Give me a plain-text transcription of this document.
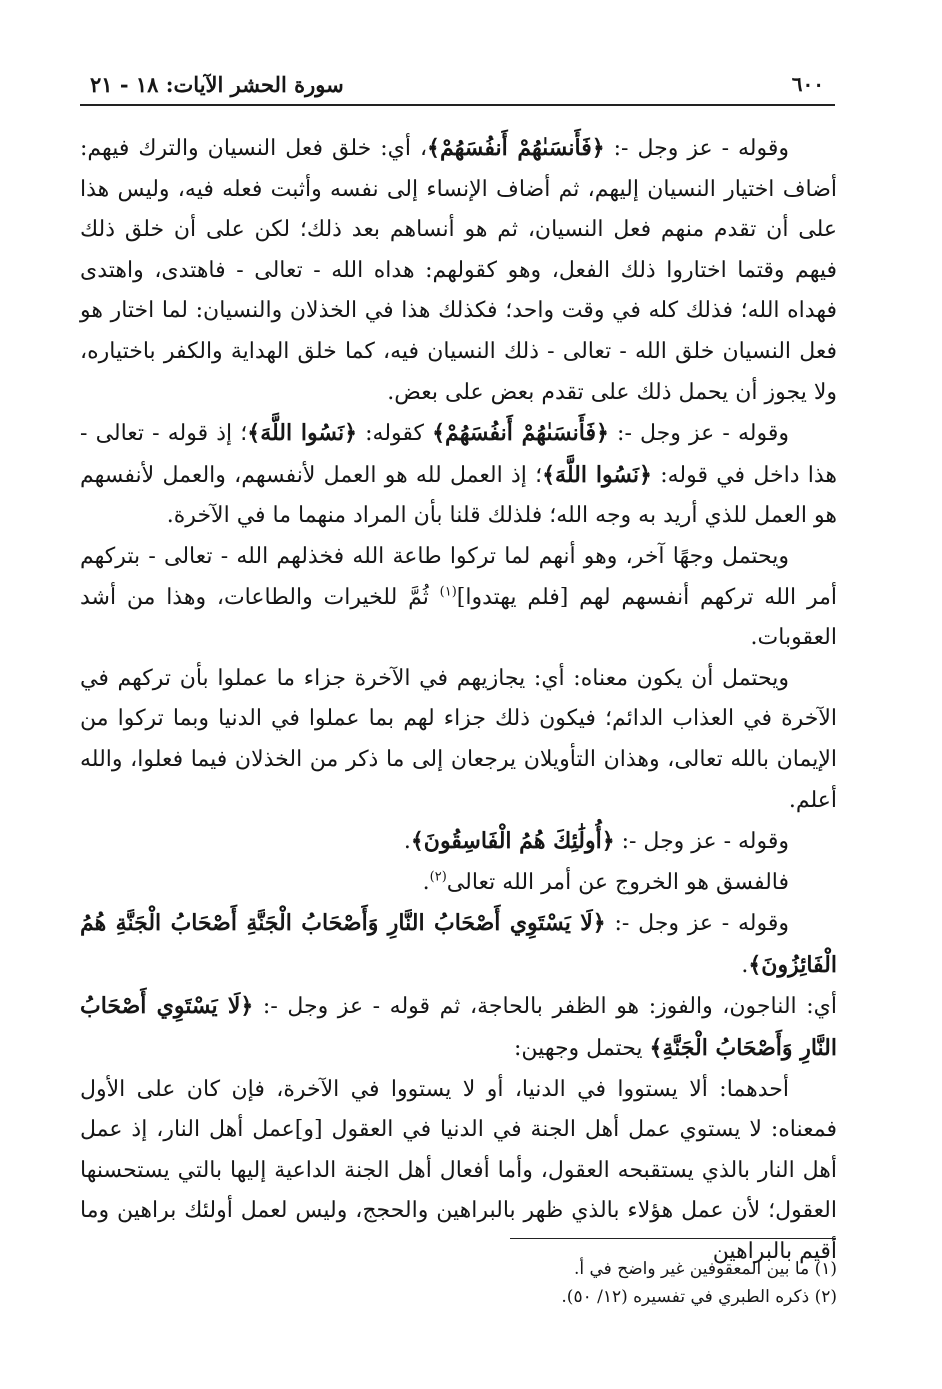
٦٠٠
سورة الحشر الآيات: ١٨ - ٢١

وقوله - عز وجل -: ﴿فَأَنسَىٰهُمْ أَنفُسَهُمْ﴾، أي: خلق فعل النسيان والترك فيهم: أضاف اختيار النسيان إليهم، ثم أضاف الإنساء إلى نفسه وأثبت فعله فيه، وليس هذا على أن تقدم منهم فعل النسيان، ثم هو أنساهم بعد ذلك؛ لكن على أن خلق ذلك فيهم وقتما اختاروا ذلك الفعل، وهو كقولهم: هداه الله - تعالى - فاهتدى، واهتدى فهداه الله؛ فذلك كله في وقت واحد؛ فكذلك هذا في الخذلان والنسيان: لما اختار هو فعل النسيان خلق الله - تعالى - ذلك النسيان فيه، كما خلق الهداية والكفر باختياره، ولا يجوز أن يحمل ذلك على تقدم بعض على بعض.

وقوله - عز وجل -: ﴿فَأَنسَىٰهُمْ أَنفُسَهُمْ﴾ كقوله: ﴿نَسُوا اللَّهَ﴾؛ إذ قوله - تعالى - هذا داخل في قوله: ﴿نَسُوا اللَّهَ﴾؛ إذ العمل لله هو العمل لأنفسهم، والعمل لأنفسهم هو العمل للذي أريد به وجه الله؛ فلذلك قلنا بأن المراد منهما ما في الآخرة.

ويحتمل وجهًا آخر، وهو أنهم لما تركوا طاعة الله فخذلهم الله - تعالى - بتركهم أمر الله تركهم أنفسهم لهم [فلم يهتدوا]$^{(١)}$ ثُمَّ للخيرات والطاعات، وهذا من أشد العقوبات.

ويحتمل أن يكون معناه: أي: يجازيهم في الآخرة جزاء ما عملوا بأن تركهم في الآخرة في العذاب الدائم؛ فيكون ذلك جزاء لهم بما عملوا في الدنيا وبما تركوا من الإيمان بالله تعالى، وهذان التأويلان يرجعان إلى ما ذكر من الخذلان فيما فعلوا، والله أعلم.

وقوله - عز وجل -: ﴿أُولَٰئِكَ هُمُ الْفَاسِقُونَ﴾.

فالفسق هو الخروج عن أمر الله تعالى$^{(٢)}$.

وقوله - عز وجل -: ﴿لَا يَسْتَوِي أَصْحَابُ النَّارِ وَأَصْحَابُ الْجَنَّةِ أَصْحَابُ الْجَنَّةِ هُمُ الْفَائِزُونَ﴾.

أي: الناجون، والفوز: هو الظفر بالحاجة، ثم قوله - عز وجل -: ﴿لَا يَسْتَوِي أَصْحَابُ النَّارِ وَأَصْحَابُ الْجَنَّةِ﴾ يحتمل وجهين:

أحدهما: ألا يستووا في الدنيا، أو لا يستووا في الآخرة، فإن كان على الأول فمعناه: لا يستوي عمل أهل الجنة في الدنيا في العقول [و]عمل أهل النار، إذ عمل أهل النار بالذي يستقبحه العقول، وأما أفعال أهل الجنة الداعية إليها بالتي يستحسنها العقول؛ لأن عمل هؤلاء بالذي ظهر بالبراهين والحجج، وليس لعمل أولئك براهين وما أقيم بالبراهين

(١) ما بين المعقوفين غير واضح في أ.

(٢) ذكره الطبري في تفسيره (١٢/ ٥٠).
